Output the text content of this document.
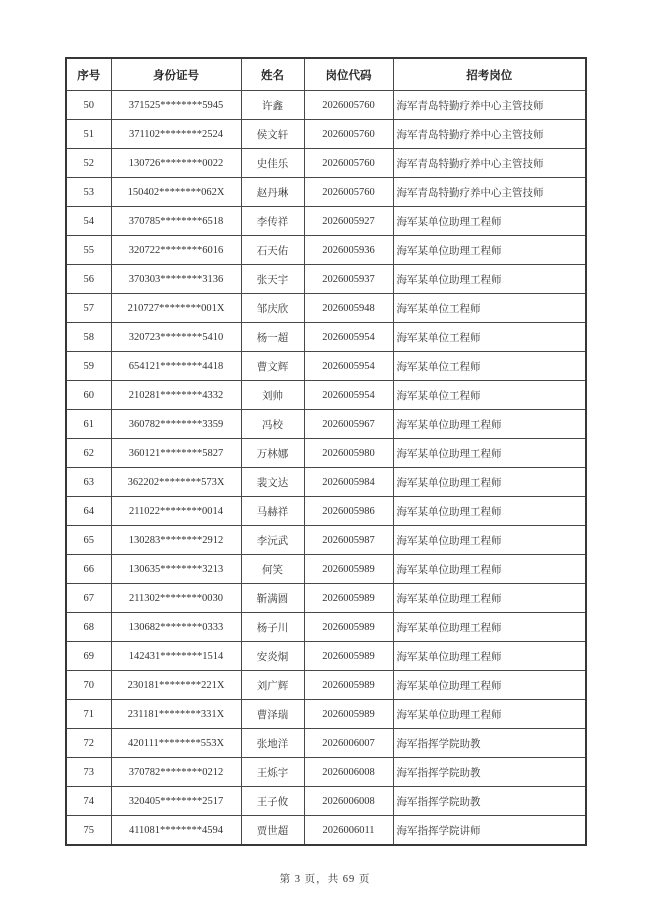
序号	身份证号	姓名	岗位代码	招考岗位
50	371525********5945	许鑫	2026005760	海军青岛特勤疗养中心主管技师
51	371102********2524	侯文轩	2026005760	海军青岛特勤疗养中心主管技师
52	130726********0022	史佳乐	2026005760	海军青岛特勤疗养中心主管技师
53	150402********062X	赵丹琳	2026005760	海军青岛特勤疗养中心主管技师
54	370785********6518	李传祥	2026005927	海军某单位助理工程师
55	320722********6016	石天佑	2026005936	海军某单位助理工程师
56	370303********3136	张天宇	2026005937	海军某单位助理工程师
57	210727********001X	邹庆欣	2026005948	海军某单位工程师
58	320723********5410	杨一超	2026005954	海军某单位工程师
59	654121********4418	曹文辉	2026005954	海军某单位工程师
60	210281********4332	刘帅	2026005954	海军某单位工程师
61	360782********3359	冯校	2026005967	海军某单位助理工程师
62	360121********5827	万林娜	2026005980	海军某单位助理工程师
63	362202********573X	裴文达	2026005984	海军某单位助理工程师
64	211022********0014	马赫祥	2026005986	海军某单位助理工程师
65	130283********2912	李沅武	2026005987	海军某单位助理工程师
66	130635********3213	何笑	2026005989	海军某单位助理工程师
67	211302********0030	靳满圆	2026005989	海军某单位助理工程师
68	130682********0333	杨子川	2026005989	海军某单位助理工程师
69	142431********1514	安炎烔	2026005989	海军某单位助理工程师
70	230181********221X	刘广辉	2026005989	海军某单位助理工程师
71	231181********331X	曹泽瑞	2026005989	海军某单位助理工程师
72	420111********553X	张地洋	2026006007	海军指挥学院助教
73	370782********0212	王烁宇	2026006008	海军指挥学院助教
74	320405********2517	王子攸	2026006008	海军指挥学院助教
75	411081********4594	贾世超	2026006011	海军指挥学院讲师
第 3 页，共 69 页
